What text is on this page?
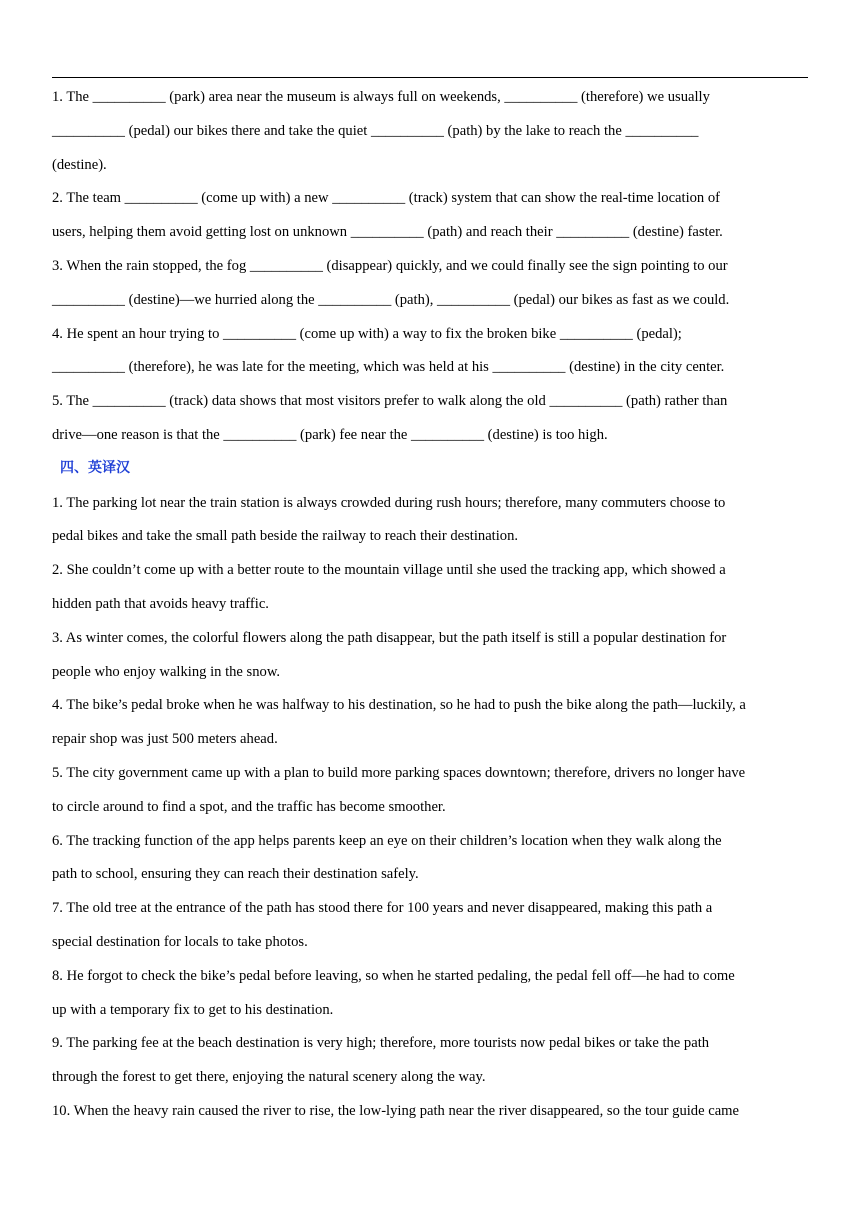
1. The __________ (park) area near the museum is always full on weekends, __________ (therefore) we usually
__________ (pedal) our bikes there and take the quiet __________ (path) by the lake to reach the __________
(destine).
2. The team __________ (come up with) a new __________ (track) system that can show the real-time location of
users, helping them avoid getting lost on unknown __________ (path) and reach their __________ (destine) faster.
3. When the rain stopped, the fog __________ (disappear) quickly, and we could finally see the sign pointing to our
__________ (destine)—we hurried along the __________ (path), __________ (pedal) our bikes as fast as we could.
4. He spent an hour trying to __________ (come up with) a way to fix the broken bike __________ (pedal);
__________ (therefore), he was late for the meeting, which was held at his __________ (destine) in the city center.
5. The __________ (track) data shows that most visitors prefer to walk along the old __________ (path) rather than
drive—one reason is that the __________ (park) fee near the __________ (destine) is too high.
四、英译汉
1. The parking lot near the train station is always crowded during rush hours; therefore, many commuters choose to
pedal bikes and take the small path beside the railway to reach their destination.
2. She couldn’t come up with a better route to the mountain village until she used the tracking app, which showed a
hidden path that avoids heavy traffic.
3. As winter comes, the colorful flowers along the path disappear, but the path itself is still a popular destination for
people who enjoy walking in the snow.
4. The bike’s pedal broke when he was halfway to his destination, so he had to push the bike along the path—luckily, a
repair shop was just 500 meters ahead.
5. The city government came up with a plan to build more parking spaces downtown; therefore, drivers no longer have
to circle around to find a spot, and the traffic has become smoother.
6. The tracking function of the app helps parents keep an eye on their children’s location when they walk along the
path to school, ensuring they can reach their destination safely.
7. The old tree at the entrance of the path has stood there for 100 years and never disappeared, making this path a
special destination for locals to take photos.
8. He forgot to check the bike’s pedal before leaving, so when he started pedaling, the pedal fell off—he had to come
up with a temporary fix to get to his destination.
9. The parking fee at the beach destination is very high; therefore, more tourists now pedal bikes or take the path
through the forest to get there, enjoying the natural scenery along the way.
10. When the heavy rain caused the river to rise, the low-lying path near the river disappeared, so the tour guide came
